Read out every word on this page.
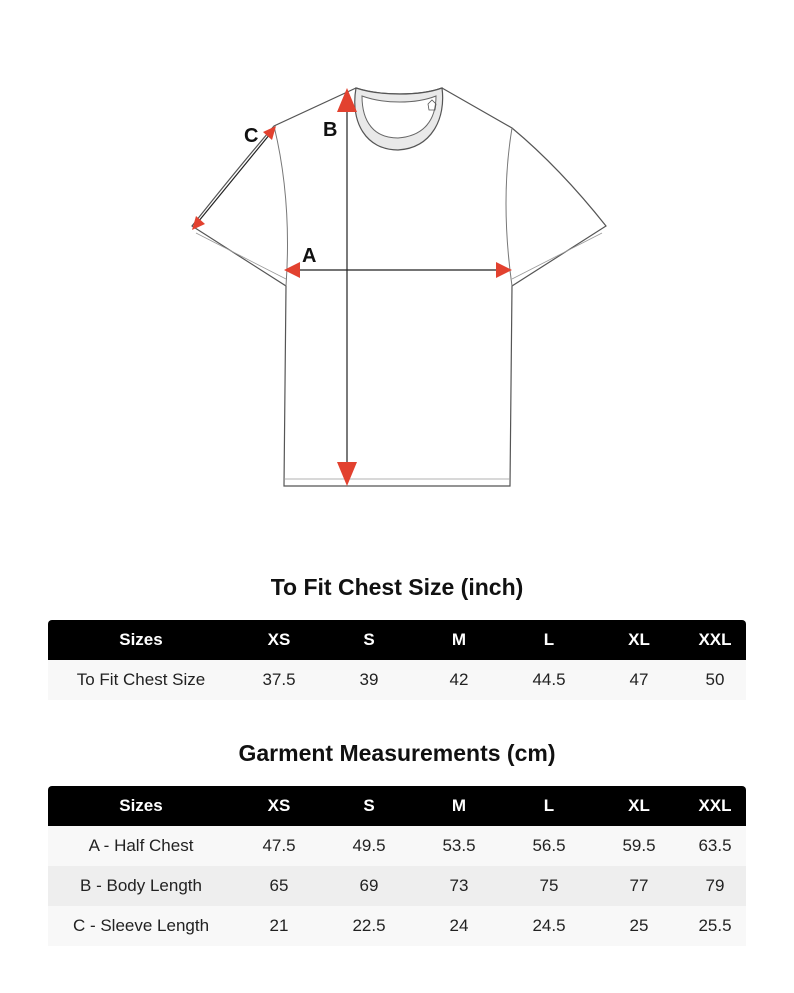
A
B
C
To Fit Chest Size (inch)
Sizes	XS	S	M	L	XL	XXL
To Fit Chest Size	37.5	39	42	44.5	47	50
Garment Measurements (cm)
Sizes	XS	S	M	L	XL	XXL
A - Half Chest	47.5	49.5	53.5	56.5	59.5	63.5
B - Body Length	65	69	73	75	77	79
C - Sleeve Length	21	22.5	24	24.5	25	25.5
